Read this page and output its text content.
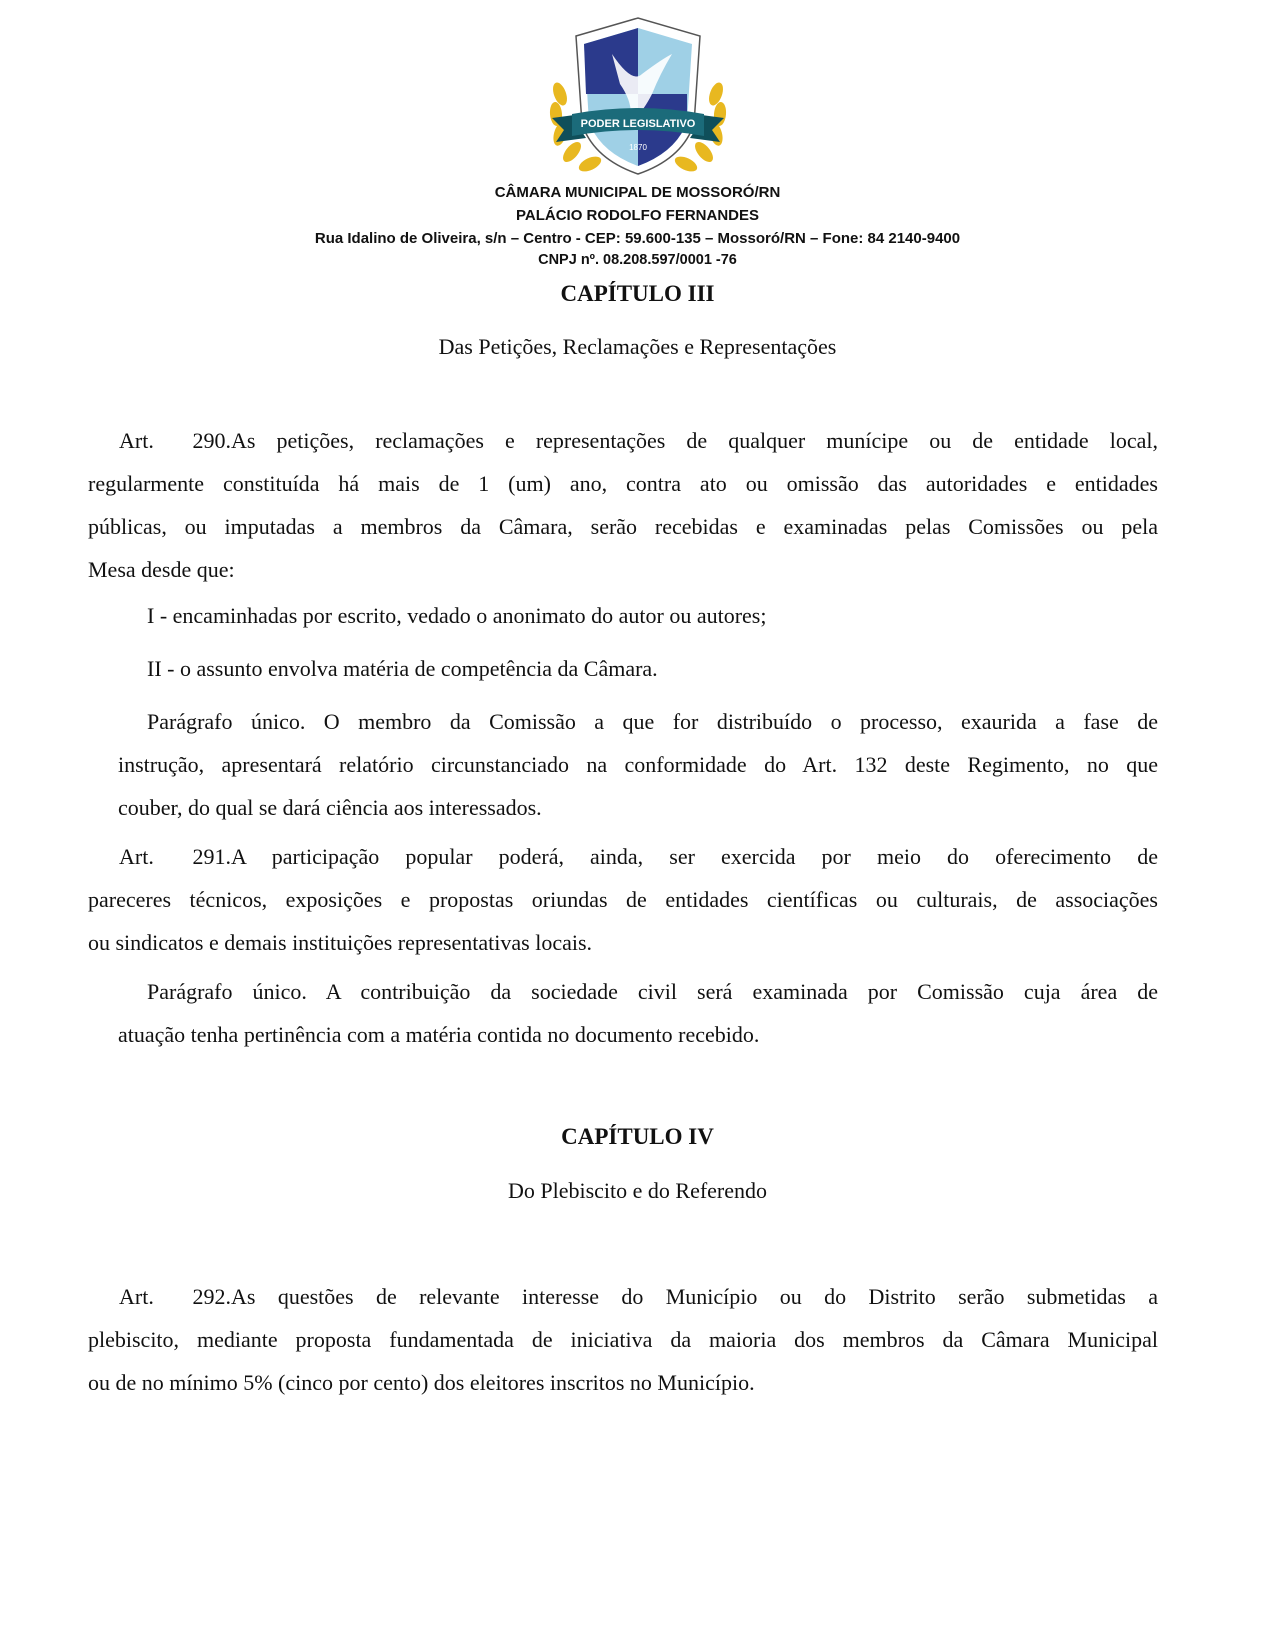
PODER LEGISLATIVO
1870
CÂMARA MUNICIPAL DE MOSSORÓ/RN
PALÁCIO RODOLFO FERNANDES
Rua Idalino de Oliveira, s/n – Centro - CEP: 59.600-135 – Mossoró/RN – Fone: 84 2140-9400
CNPJ nº. 08.208.597/0001 -76
CAPÍTULO III
Das Petições, Reclamações e Representações
Art. 290.As petições, reclamações e representações de qualquer munícipe ou de entidade local,
regularmente constituída há mais de 1 (um) ano, contra ato ou omissão das autoridades e entidades
públicas, ou imputadas a membros da Câmara, serão recebidas e examinadas pelas Comissões ou pela
Mesa desde que:
I - encaminhadas por escrito, vedado o anonimato do autor ou autores;
II - o assunto envolva matéria de competência da Câmara.
Parágrafo único. O membro da Comissão a que for distribuído o processo, exaurida a fase de
instrução, apresentará relatório circunstanciado na conformidade do Art. 132 deste Regimento, no que
couber, do qual se dará ciência aos interessados.
Art. 291.A participação popular poderá, ainda, ser exercida por meio do oferecimento de
pareceres técnicos, exposições e propostas oriundas de entidades científicas ou culturais, de associações
ou sindicatos e demais instituições representativas locais.
Parágrafo único. A contribuição da sociedade civil será examinada por Comissão cuja área de
atuação tenha pertinência com a matéria contida no documento recebido.
CAPÍTULO IV
Do Plebiscito e do Referendo
Art. 292.As questões de relevante interesse do Município ou do Distrito serão submetidas a
plebiscito, mediante proposta fundamentada de iniciativa da maioria dos membros da Câmara Municipal
ou de no mínimo 5% (cinco por cento) dos eleitores inscritos no Município.
